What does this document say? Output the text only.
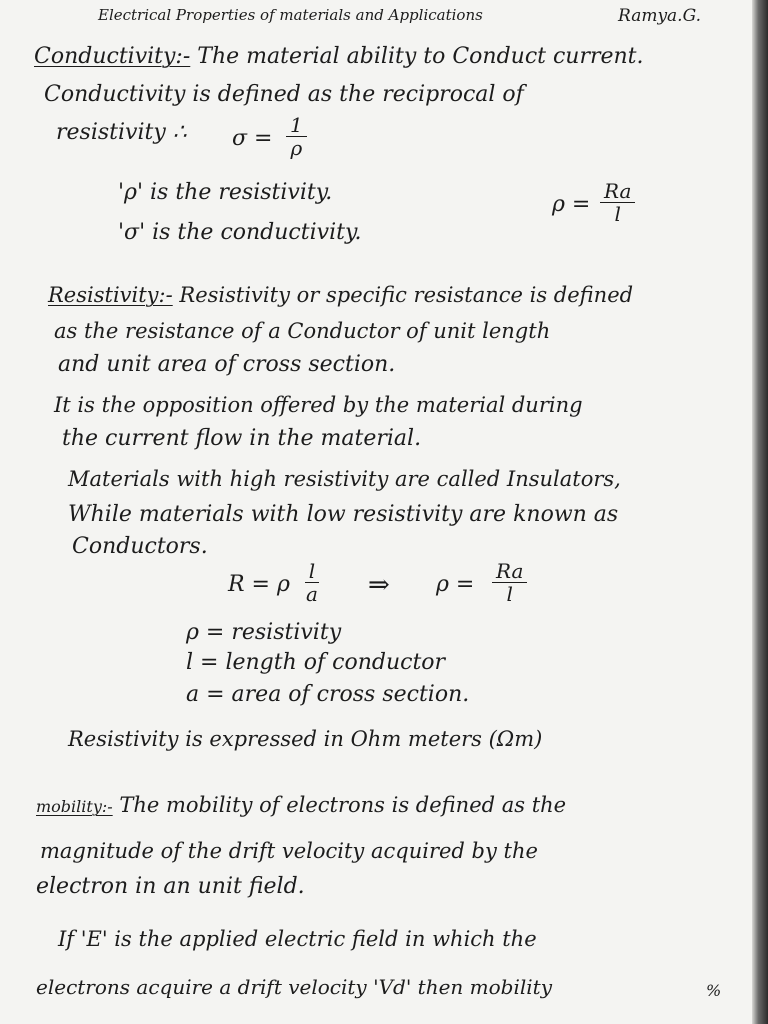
Electrical Properties of materials and Applications	Ramya.G.
Conductivity:- The material ability to Conduct current.
Conductivity is defined as the reciprocal of
resistivity ∴ $\sigma = \frac{1}{\rho}$
'ρ' is the resistivity.
'σ' is the conductivity.
$\rho = \frac{Ra}{l}$
Resistivity:- Resistivity or specific resistance is defined
as the resistance of a Conductor of unit length
and unit area of cross section.
It is the opposition offered by the material during
the current flow in the material.
Materials with high resistivity are called Insulators,
While materials with low resistivity are known as
Conductors.
R = ρ $\frac{l}{a}$ ⇒ $\rho = \frac{Ra}{l}$
ρ = resistivity
l = length of conductor
a = area of cross section.
Resistivity is expressed in Ohm meters (Ωm)
mobility:- The mobility of electrons is defined as the
magnitude of the drift velocity acquired by the
electron in an unit field.
If 'E' is the applied electric field in which the
electrons acquire a drift velocity 'Vd' then mobility	%
